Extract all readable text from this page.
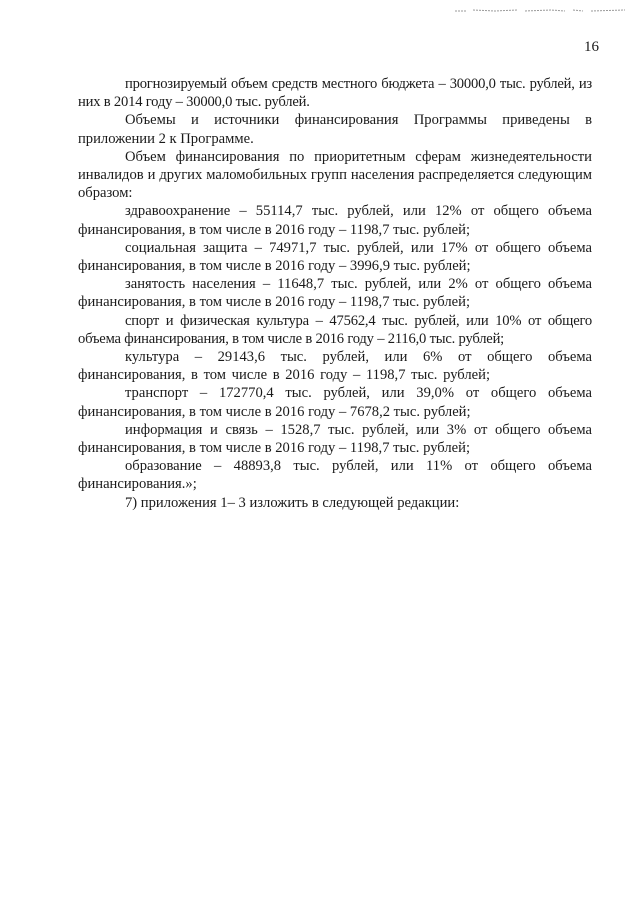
16

прогнозируемый объем средств местного бюджета – 30000,0 тыс. рублей, из них в 2014 году – 30000,0 тыс. рублей.

Объемы и источники финансирования Программы приведены в приложении 2 к Программе.

Объем финансирования по приоритетным сферам жизнедеятельности инвалидов и других маломобильных групп населения распределяется следующим образом:

здравоохранение – 55114,7 тыс. рублей, или 12% от общего объема финансирования, в том числе в 2016 году – 1198,7 тыс. рублей;

социальная защита – 74971,7 тыс. рублей, или 17% от общего объема финансирования, в том числе в 2016 году – 3996,9 тыс. рублей;

занятость населения – 11648,7 тыс. рублей, или 2% от общего объема финансирования, в том числе в 2016 году – 1198,7 тыс. рублей;

спорт и физическая культура – 47562,4 тыс. рублей, или 10% от общего объема финансирования, в том числе в 2016 году – 2116,0 тыс. рублей;

культура – 29143,6 тыс. рублей, или 6% от общего объема финансирования, в том числе в 2016 году – 1198,7 тыс. рублей;

транспорт – 172770,4 тыс. рублей, или 39,0% от общего объема финансирования, в том числе в 2016 году – 7678,2 тыс. рублей;

информация и связь – 1528,7 тыс. рублей, или 3% от общего объема финансирования, в том числе в 2016 году – 1198,7 тыс. рублей;

образование – 48893,8 тыс. рублей, или 11% от общего объема финансирования.»;

7) приложения 1– 3 изложить в следующей редакции:
